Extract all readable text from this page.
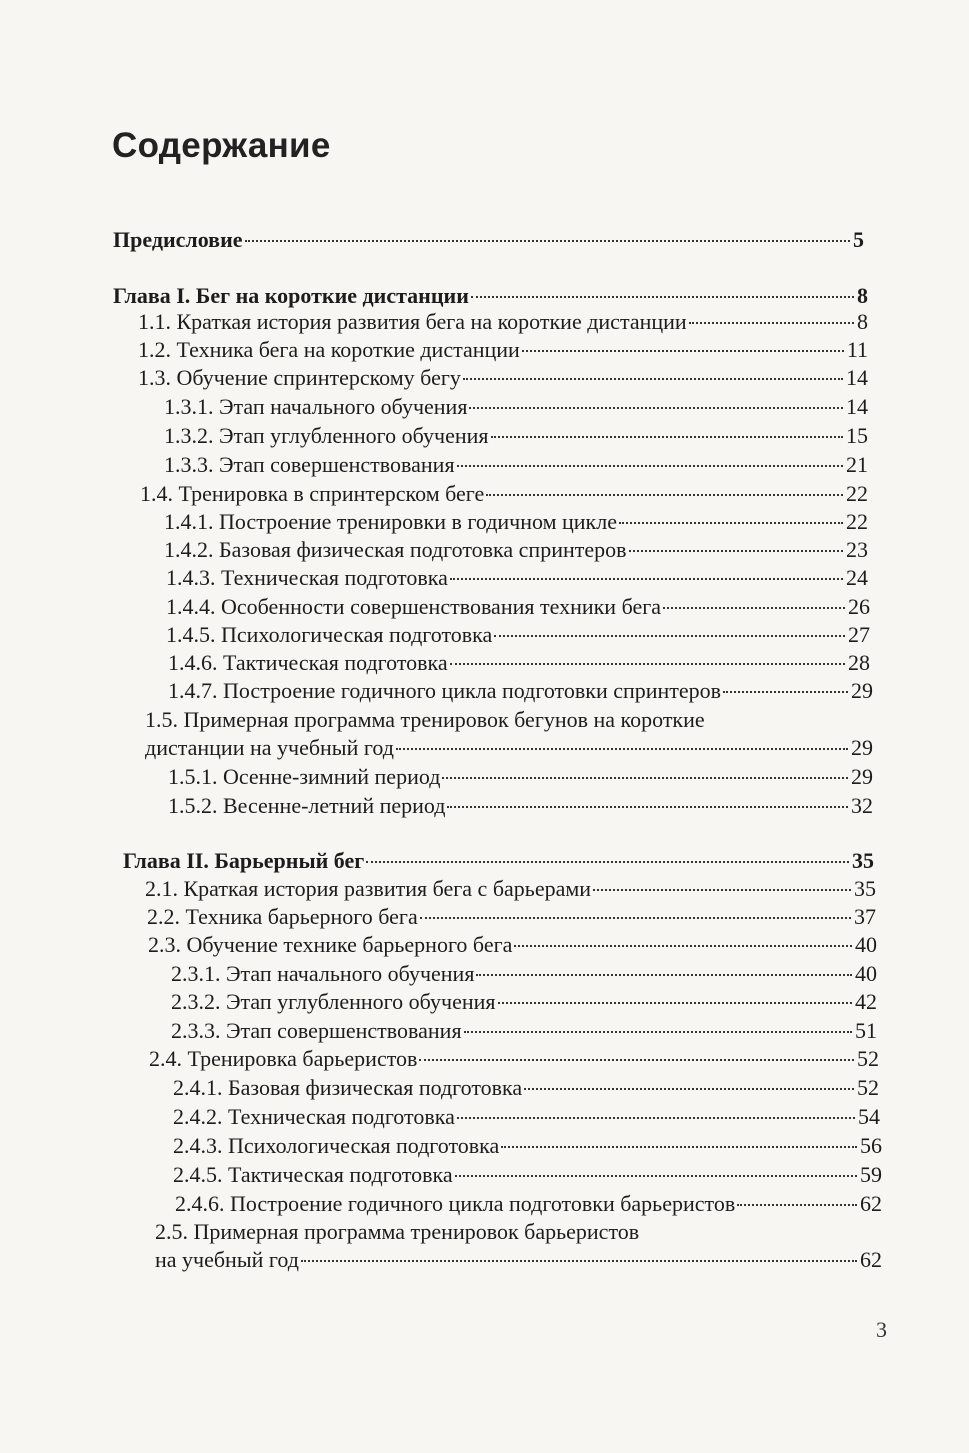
Содержание
Предисловие	5
Глава I. Бег на короткие дистанции	8
1.1. Краткая история развития бега на короткие дистанции	8
1.2. Техника бега на короткие дистанции	11
1.3. Обучение спринтерскому бегу	14
1.3.1. Этап начального обучения	14
1.3.2. Этап углубленного обучения	15
1.3.3. Этап совершенствования	21
1.4. Тренировка в спринтерском беге	22
1.4.1. Построение тренировки в годичном цикле	22
1.4.2. Базовая физическая подготовка спринтеров	23
1.4.3. Техническая подготовка	24
1.4.4. Особенности совершенствования техники бега	26
1.4.5. Психологическая подготовка	27
1.4.6. Тактическая подготовка	28
1.4.7. Построение годичного цикла подготовки спринтеров	29
1.5. Примерная программа тренировок бегунов на короткие
дистанции на учебный год	29
1.5.1. Осенне-зимний период	29
1.5.2. Весенне-летний период	32
Глава II. Барьерный бег	35
2.1. Краткая история развития бега с барьерами	35
2.2. Техника барьерного бега	37
2.3. Обучение технике барьерного бега	40
2.3.1. Этап начального обучения	40
2.3.2. Этап углубленного обучения	42
2.3.3. Этап совершенствования	51
2.4. Тренировка барьеристов	52
2.4.1. Базовая физическая подготовка	52
2.4.2. Техническая подготовка	54
2.4.3. Психологическая подготовка	56
2.4.5. Тактическая подготовка	59
2.4.6. Построение годичного цикла подготовки барьеристов	62
2.5. Примерная программа тренировок барьеристов
на учебный год	62
3
